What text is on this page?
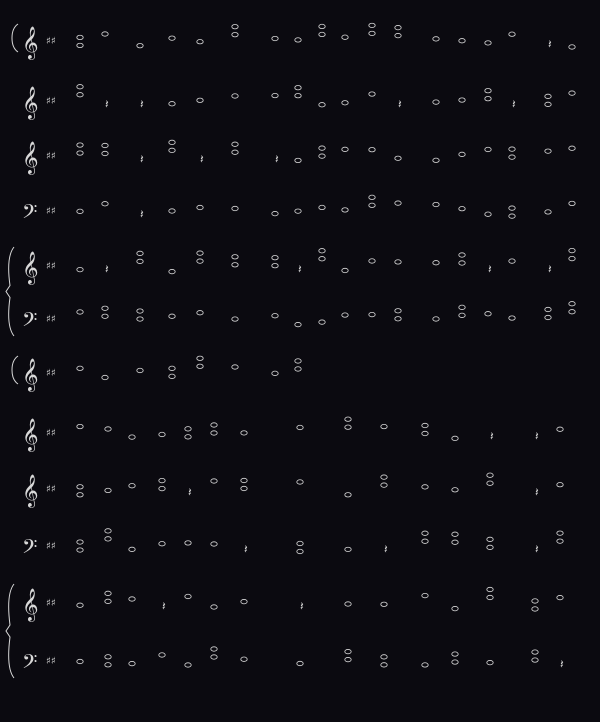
𝄞 ♯♯
𝄞 ♯♯
𝄞 ♯♯
𝄢 ♯♯
𝄞 ♯♯
𝄢 ♯♯
𝄞 ♯♯
𝄞 ♯♯
𝄞 ♯♯
𝄢 ♯♯
𝄞 ♯♯
𝄢 ♯♯
𝄽
𝄽	𝄽	𝄽	𝄽
𝄽	𝄽	𝄽
𝄽
𝄽	𝄽	𝄽	𝄽
𝄽	𝄽
𝄽	𝄽
𝄽	𝄽	𝄽
𝄽	𝄽
𝄽
